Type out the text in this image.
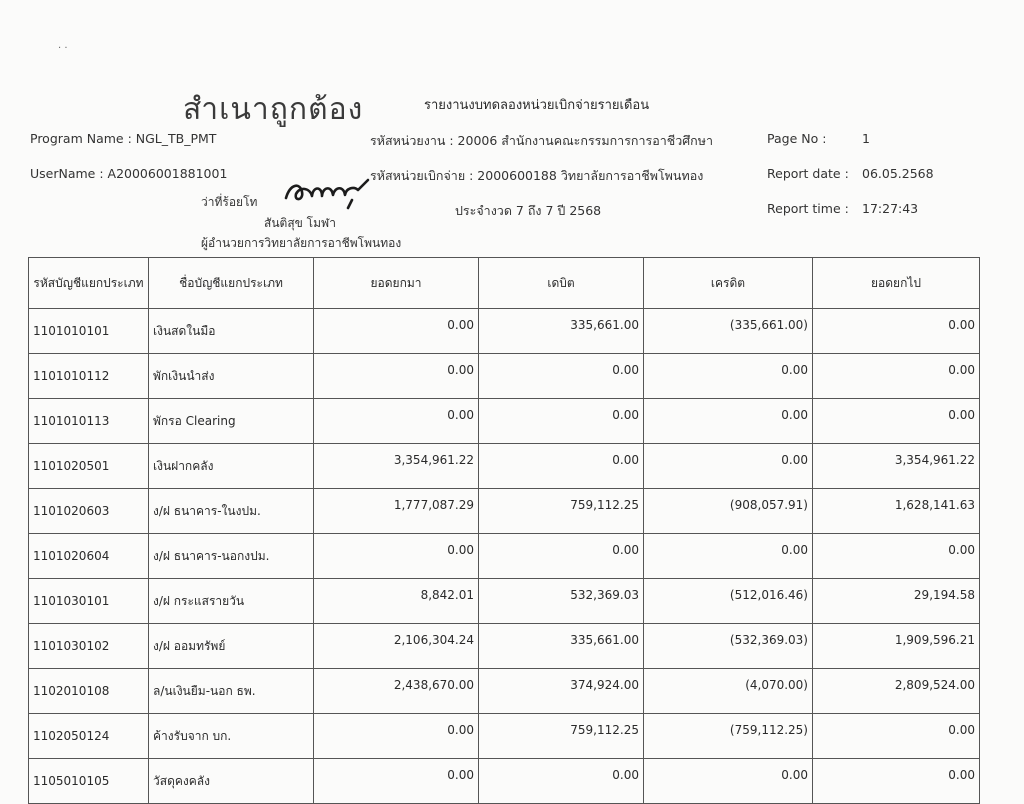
. .
สำเนาถูกต้อง	รายงานงบทดลองหน่วยเบิกจ่ายรายเดือน
Program Name : NGL_TB_PMT	รหัสหน่วยงาน : 20006 สำนักงานคณะกรรมการการอาชีวศึกษา	Page No :	1
UserName : A20006001881001	รหัสหน่วยเบิกจ่าย : 2000600188 วิทยาลัยการอาชีพโพนทอง	Report date : 06.05.2568
ประจำงวด 7 ถึง 7 ปี 2568	Report time : 17:27:43
ว่าที่ร้อยโท
สันติสุข โมฬา
ผู้อำนวยการวิทยาลัยการอาชีพโพนทอง
รหัสบัญชีแยกประเภท	ชื่อบัญชีแยกประเภท	ยอดยกมา	เดบิต	เครดิต	ยอดยกไป
1101010101	เงินสดในมือ	0.00	335,661.00	(335,661.00)	0.00
1101010112	พักเงินนำส่ง	0.00	0.00	0.00	0.00
1101010113	พักรอ Clearing	0.00	0.00	0.00	0.00
1101020501	เงินฝากคลัง	3,354,961.22	0.00	0.00	3,354,961.22
1101020603	ง/ฝ ธนาคาร-ในงปม.	1,777,087.29	759,112.25	(908,057.91)	1,628,141.63
1101020604	ง/ฝ ธนาคาร-นอกงปม.	0.00	0.00	0.00	0.00
1101030101	ง/ฝ กระแสรายวัน	8,842.01	532,369.03	(512,016.46)	29,194.58
1101030102	ง/ฝ ออมทรัพย์	2,106,304.24	335,661.00	(532,369.03)	1,909,596.21
1102010108	ล/นเงินยืม-นอก ธพ.	2,438,670.00	374,924.00	(4,070.00)	2,809,524.00
1102050124	ค้างรับจาก บก.	0.00	759,112.25	(759,112.25)	0.00
1105010105	วัสดุคงคลัง	0.00	0.00	0.00	0.00
